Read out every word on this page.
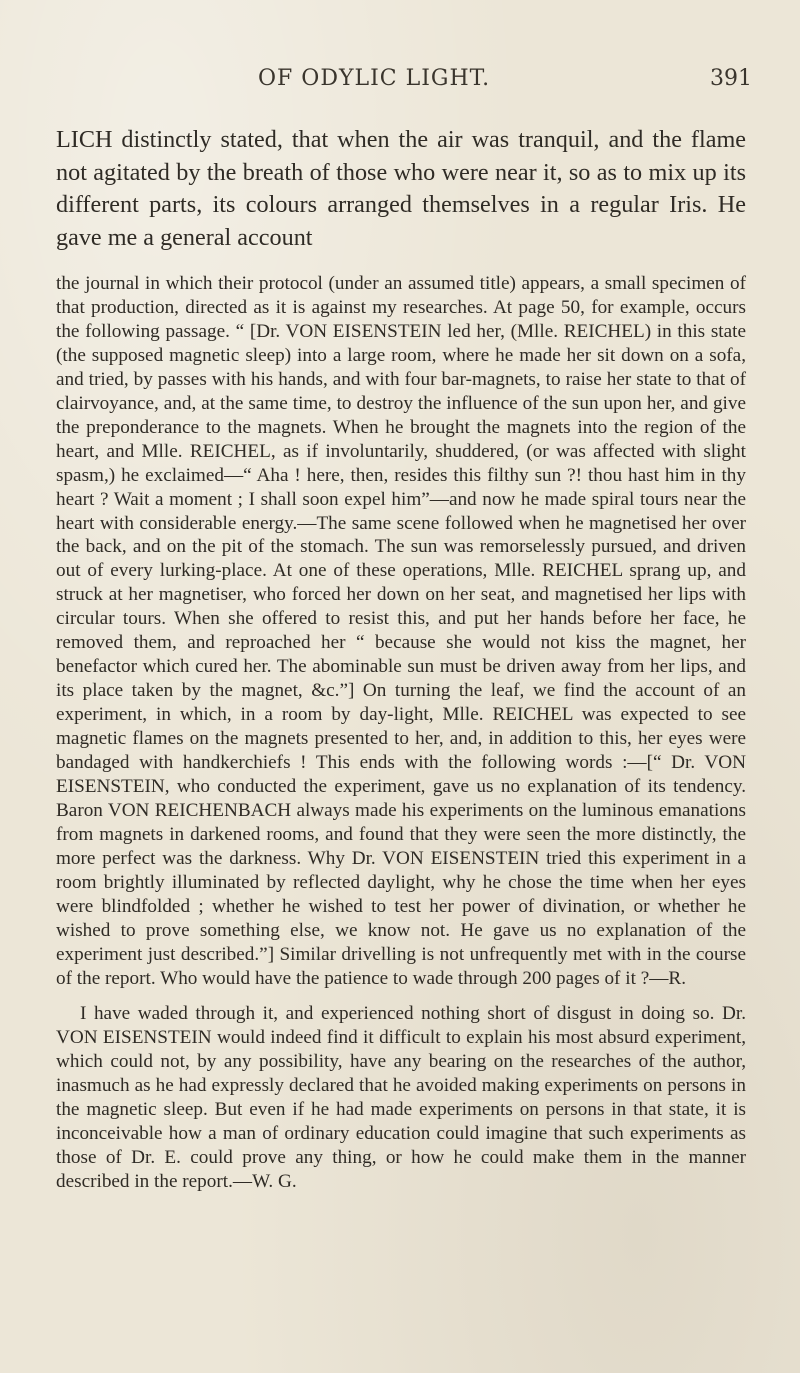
OF ODYLIC LIGHT.	391

LICH distinctly stated, that when the air was tranquil, and the flame not agitated by the breath of those who were near it, so as to mix up its different parts, its colours arranged themselves in a regular Iris. He gave me a general account

the journal in which their protocol (under an assumed title) appears, a small specimen of that production, directed as it is against my researches. At page 50, for example, occurs the following passage. “ [Dr. VON EISENSTEIN led her, (Mlle. REICHEL) in this state (the supposed magnetic sleep) into a large room, where he made her sit down on a sofa, and tried, by passes with his hands, and with four bar-magnets, to raise her state to that of clairvoyance, and, at the same time, to destroy the influence of the sun upon her, and give the preponderance to the magnets. When he brought the magnets into the region of the heart, and Mlle. REICHEL, as if involuntarily, shuddered, (or was affected with slight spasm,) he exclaimed—“ Aha ! here, then, resides this filthy sun ?! thou hast him in thy heart ? Wait a moment ; I shall soon expel him”—and now he made spiral tours near the heart with considerable energy.—The same scene followed when he magnetised her over the back, and on the pit of the stomach. The sun was remorselessly pursued, and driven out of every lurking-place. At one of these operations, Mlle. REICHEL sprang up, and struck at her magnetiser, who forced her down on her seat, and magnetised her lips with circular tours. When she offered to resist this, and put her hands before her face, he removed them, and reproached her “ because she would not kiss the magnet, her benefactor which cured her. The abominable sun must be driven away from her lips, and its place taken by the magnet, &c.”] On turning the leaf, we find the account of an experiment, in which, in a room by day-light, Mlle. REICHEL was expected to see magnetic flames on the magnets presented to her, and, in addition to this, her eyes were bandaged with handkerchiefs ! This ends with the following words :—[“ Dr. VON EISENSTEIN, who conducted the experiment, gave us no explanation of its tendency. Baron VON REICHENBACH always made his experiments on the luminous emanations from magnets in darkened rooms, and found that they were seen the more distinctly, the more perfect was the darkness. Why Dr. VON EISENSTEIN tried this experiment in a room brightly illuminated by reflected daylight, why he chose the time when her eyes were blindfolded ; whether he wished to test her power of divination, or whether he wished to prove something else, we know not. He gave us no explanation of the experiment just described.”] Similar drivelling is not unfrequently met with in the course of the report. Who would have the patience to wade through 200 pages of it ?—R.

I have waded through it, and experienced nothing short of disgust in doing so. Dr. VON EISENSTEIN would indeed find it difficult to explain his most absurd experiment, which could not, by any possibility, have any bearing on the researches of the author, inasmuch as he had expressly declared that he avoided making experiments on persons in the magnetic sleep. But even if he had made experiments on persons in that state, it is inconceivable how a man of ordinary education could imagine that such experiments as those of Dr. E. could prove any thing, or how he could make them in the manner described in the report.—W. G.
